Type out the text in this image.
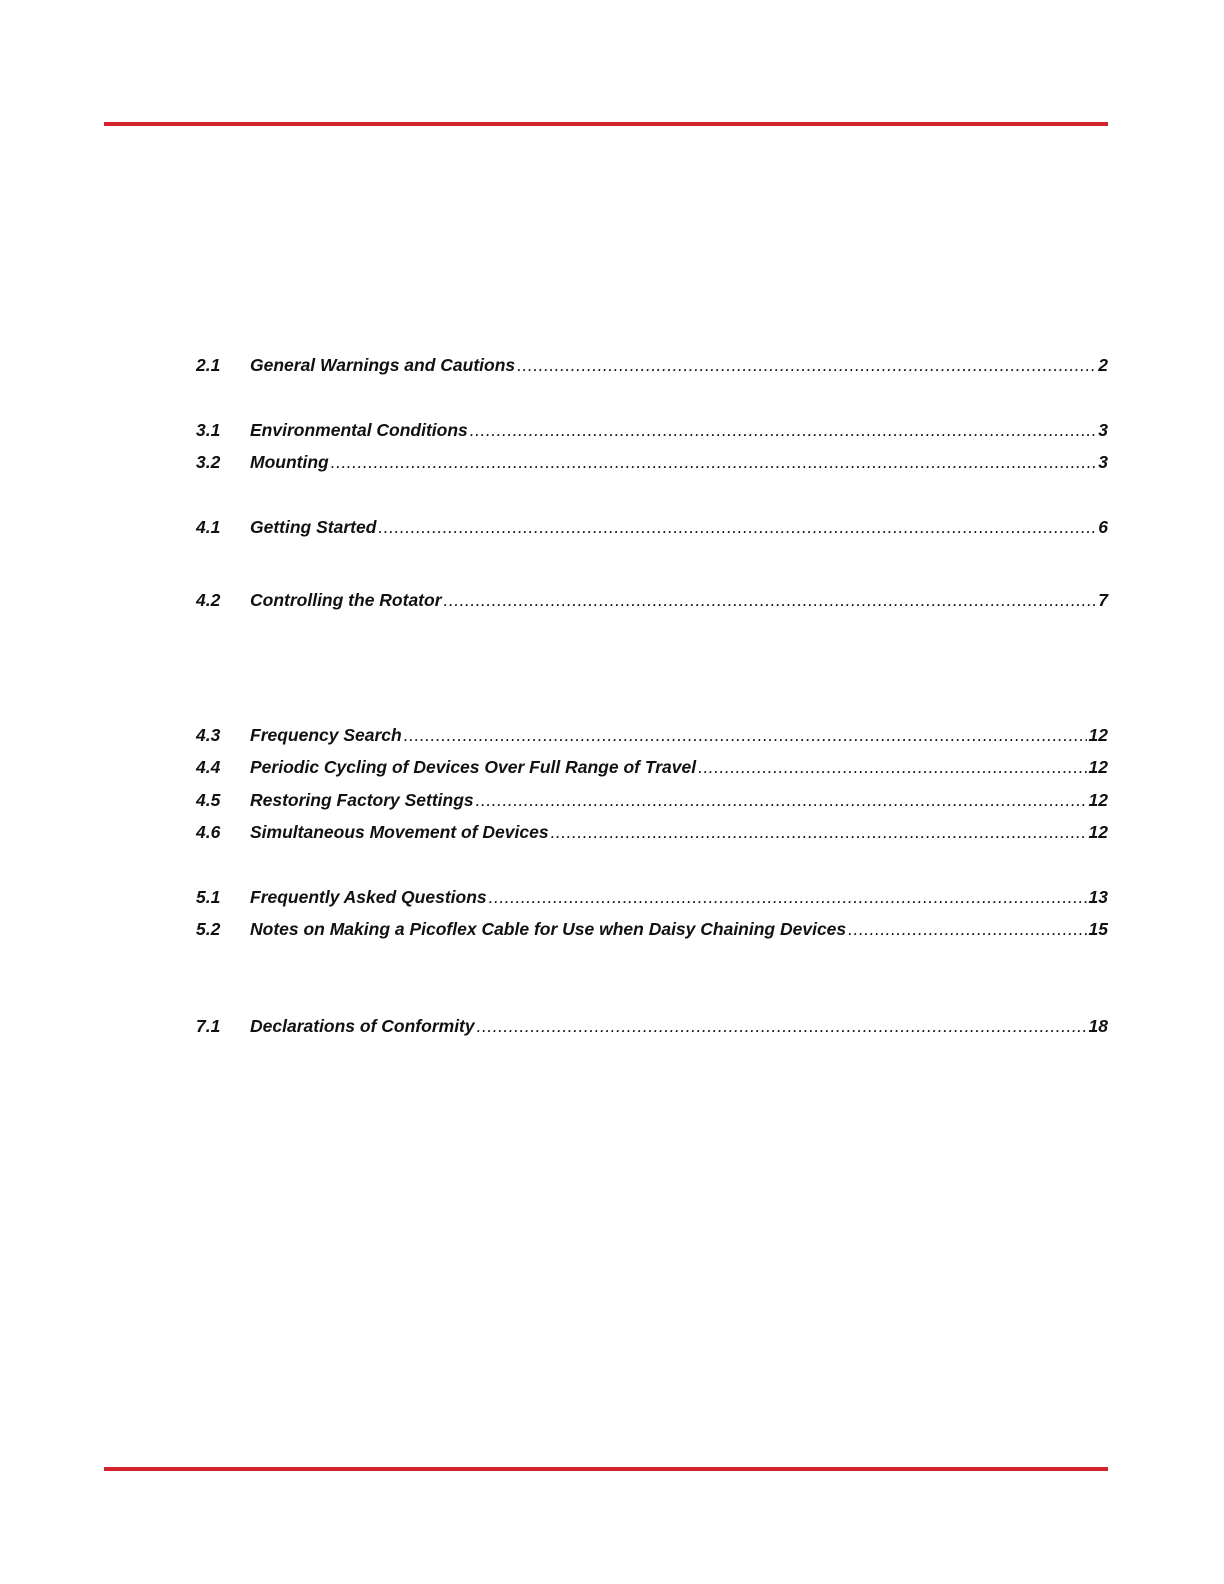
2.1	General Warnings and Cautions .....	2
3.1	Environmental Conditions .....	3
3.2	Mounting .....	3
4.1	Getting Started .....	6
4.2	Controlling the Rotator .....	7
4.3	Frequency Search .....	12
4.4	Periodic Cycling of Devices Over Full Range of Travel .....	12
4.5	Restoring Factory Settings .....	12
4.6	Simultaneous Movement of Devices .....	12
5.1	Frequently Asked Questions .....	13
5.2	Notes on Making a Picoflex Cable for Use when Daisy Chaining Devices .....	15
7.1	Declarations of Conformity .....	18
